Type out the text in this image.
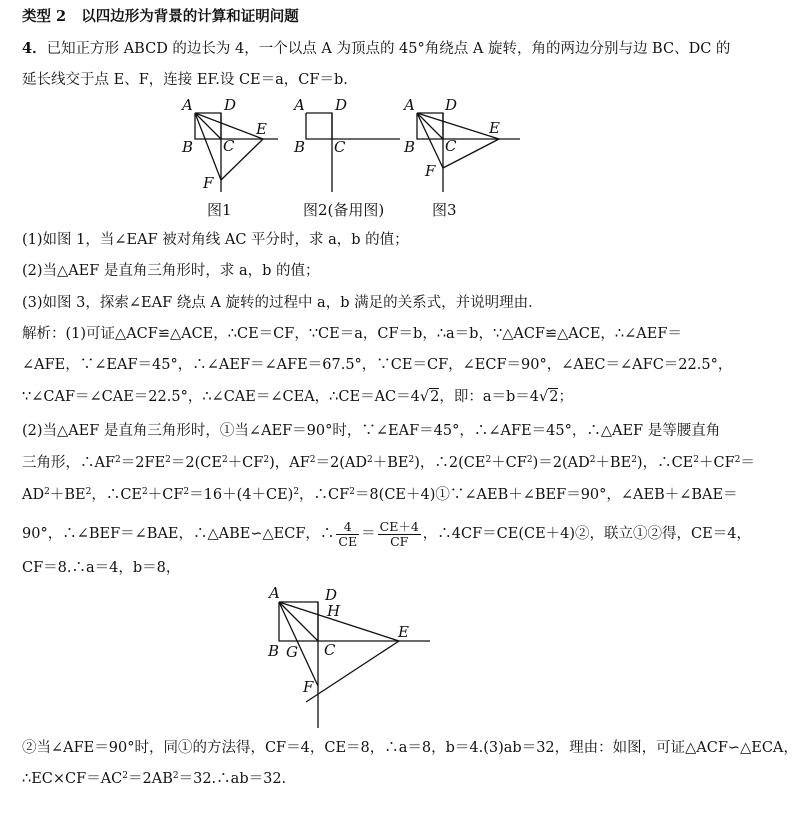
类型 2 以四边形为背景的计算和证明问题
4．已知正方形 ABCD 的边长为 4，一个以点 A 为顶点的 45°角绕点 A 旋转，角的两边分别与边 BC、DC 的
延长线交于点 E、F，连接 EF.设 CE＝a，CF＝b.
A D
B C
E
F
图1
A D
B C
图2(备用图)
A D
B C
E
F
图3
(1)如图 1，当∠EAF 被对角线 AC 平分时，求 a，b 的值；
(2)当△AEF 是直角三角形时，求 a，b 的值；
(3)如图 3，探索∠EAF 绕点 A 旋转的过程中 a，b 满足的关系式，并说明理由．
解析：(1)可证△ACF≌△ACE，∴CE＝CF，∵CE＝a，CF＝b，∴a＝b，∵△ACF≌△ACE，∴∠AEF＝
∠AFE，∵∠EAF＝45°，∴∠AEF＝∠AFE＝67.5°，∵CE＝CF，∠ECF＝90°，∠AEC＝∠AFC＝22.5°，
∵∠CAF＝∠CAE＝22.5°，∴∠CAE＝∠CEA，∴CE＝AC＝4√2，即：a＝b＝4√2；
(2)当△AEF 是直角三角形时，①当∠AEF＝90°时，∵∠EAF＝45°，∴∠AFE＝45°，∴△AEF 是等腰直角
三角形，$\therefore AF^2=2FE^2=2(CE^2+CF^2)$，$AF^2=2(AD^2+BE^2)$，$\therefore 2(CE^2+CF^2)=2(AD^2+BE^2)$，$\therefore CE^2+CF^2=$
$AD^2+BE^2$，$\therefore CE^2+CF^2=16+(4+CE)^2$，$\therefore CF^2=8(CE+4)①\because\angle AEB+\angle BEF=90^\circ$，∠AEB＋∠BAE＝
90°，∴∠BEF＝∠BAE，∴△ABE∽△ECF，∴ $\frac{4}{CE} = \frac{CE+4}{CF}$ ，∴4CF＝CE(CE＋4)②，联立①②得，CE＝4，
CF＝8.∴a＝4，b＝8，
A	D
H
B G C
E
F
②当∠AFE＝90°时，同①的方法得，CF＝4，CE＝8，∴a＝8，b＝4.(3)ab＝32，理由：如图，可证△ACF∽△ECA，
$\therefore EC\times CF=AC^2=2AB^2=32.\therefore ab=32$.
